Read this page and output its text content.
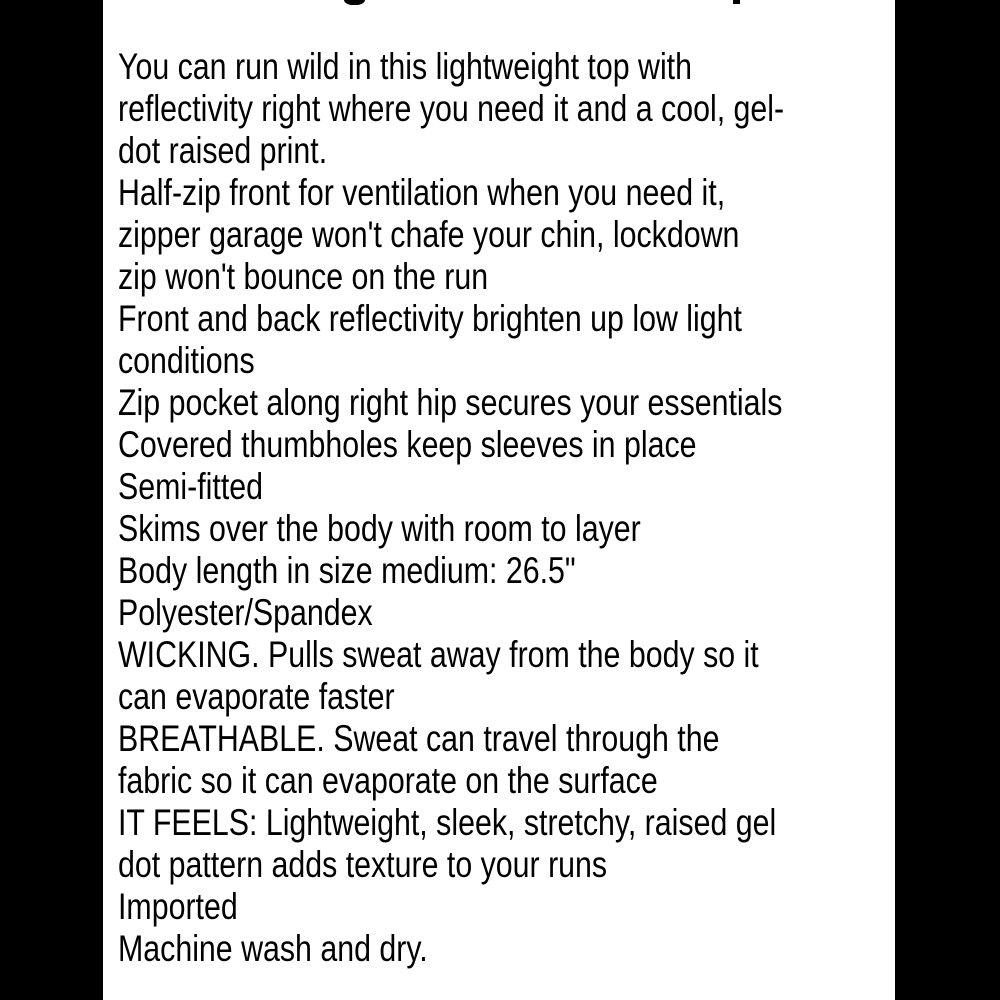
You can run wild in this lightweight top with
reflectivity right where you need it and a cool, gel-
dot raised print.
Half-zip front for ventilation when you need it,
zipper garage won't chafe your chin, lockdown
zip won't bounce on the run
Front and back reflectivity brighten up low light
conditions
Zip pocket along right hip secures your essentials
Covered thumbholes keep sleeves in place
Semi-fitted
Skims over the body with room to layer
Body length in size medium: 26.5"
Polyester/Spandex
WICKING. Pulls sweat away from the body so it
can evaporate faster
BREATHABLE. Sweat can travel through the
fabric so it can evaporate on the surface
IT FEELS: Lightweight, sleek, stretchy, raised gel
dot pattern adds texture to your runs
Imported
Machine wash and dry.
